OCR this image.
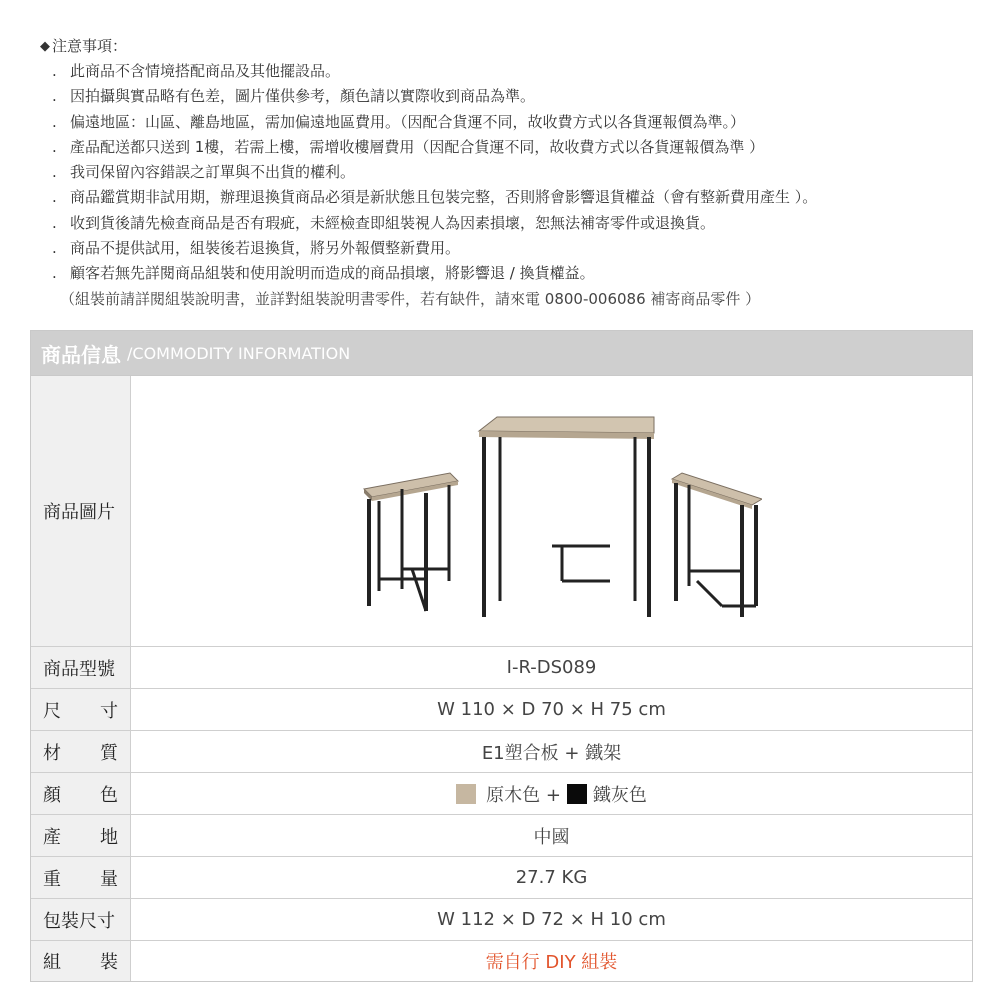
◆ 注意事項：
. 此商品不含情境搭配商品及其他擺設品。
. 因拍攝與實品略有色差，圖片僅供參考，顏色請以實際收到商品為準。
. 偏遠地區：山區、離島地區，需加偏遠地區費用。（因配合貨運不同，故收費方式以各貨運報價為準。）
. 產品配送都只送到 1樓，若需上樓，需增收樓層費用（因配合貨運不同，故收費方式以各貨運報價為準 ）
. 我司保留內容錯誤之訂單與不出貨的權利。
. 商品鑑賞期非試用期，辦理退換貨商品必須是新狀態且包裝完整，否則將會影響退貨權益（會有整新費用產生 ）。
. 收到貨後請先檢查商品是否有瑕疵，未經檢查即組裝視人為因素損壞，恕無法補寄零件或退換貨。
. 商品不提供試用，組裝後若退換貨，將另外報價整新費用。
. 顧客若無先詳閱商品組裝和使用說明而造成的商品損壞，將影響退 / 換貨權益。
（組裝前請詳閱組裝說明書，並詳對組裝說明書零件，若有缺件，請來電 0800-006086 補寄商品零件 ）
商品信息 /COMMODITY INFORMATION
商品圖片
商品型號	I-R-DS089
尺 寸	W 110 × D 70 × H 75 cm
材 質	E1塑合板 + 鐵架
顏 色	原木色 + 鐵灰色
產 地	中國
重 量	27.7 KG
包裝尺寸	W 112 × D 72 × H 10 cm
組 裝	需自行 DIY 組裝
